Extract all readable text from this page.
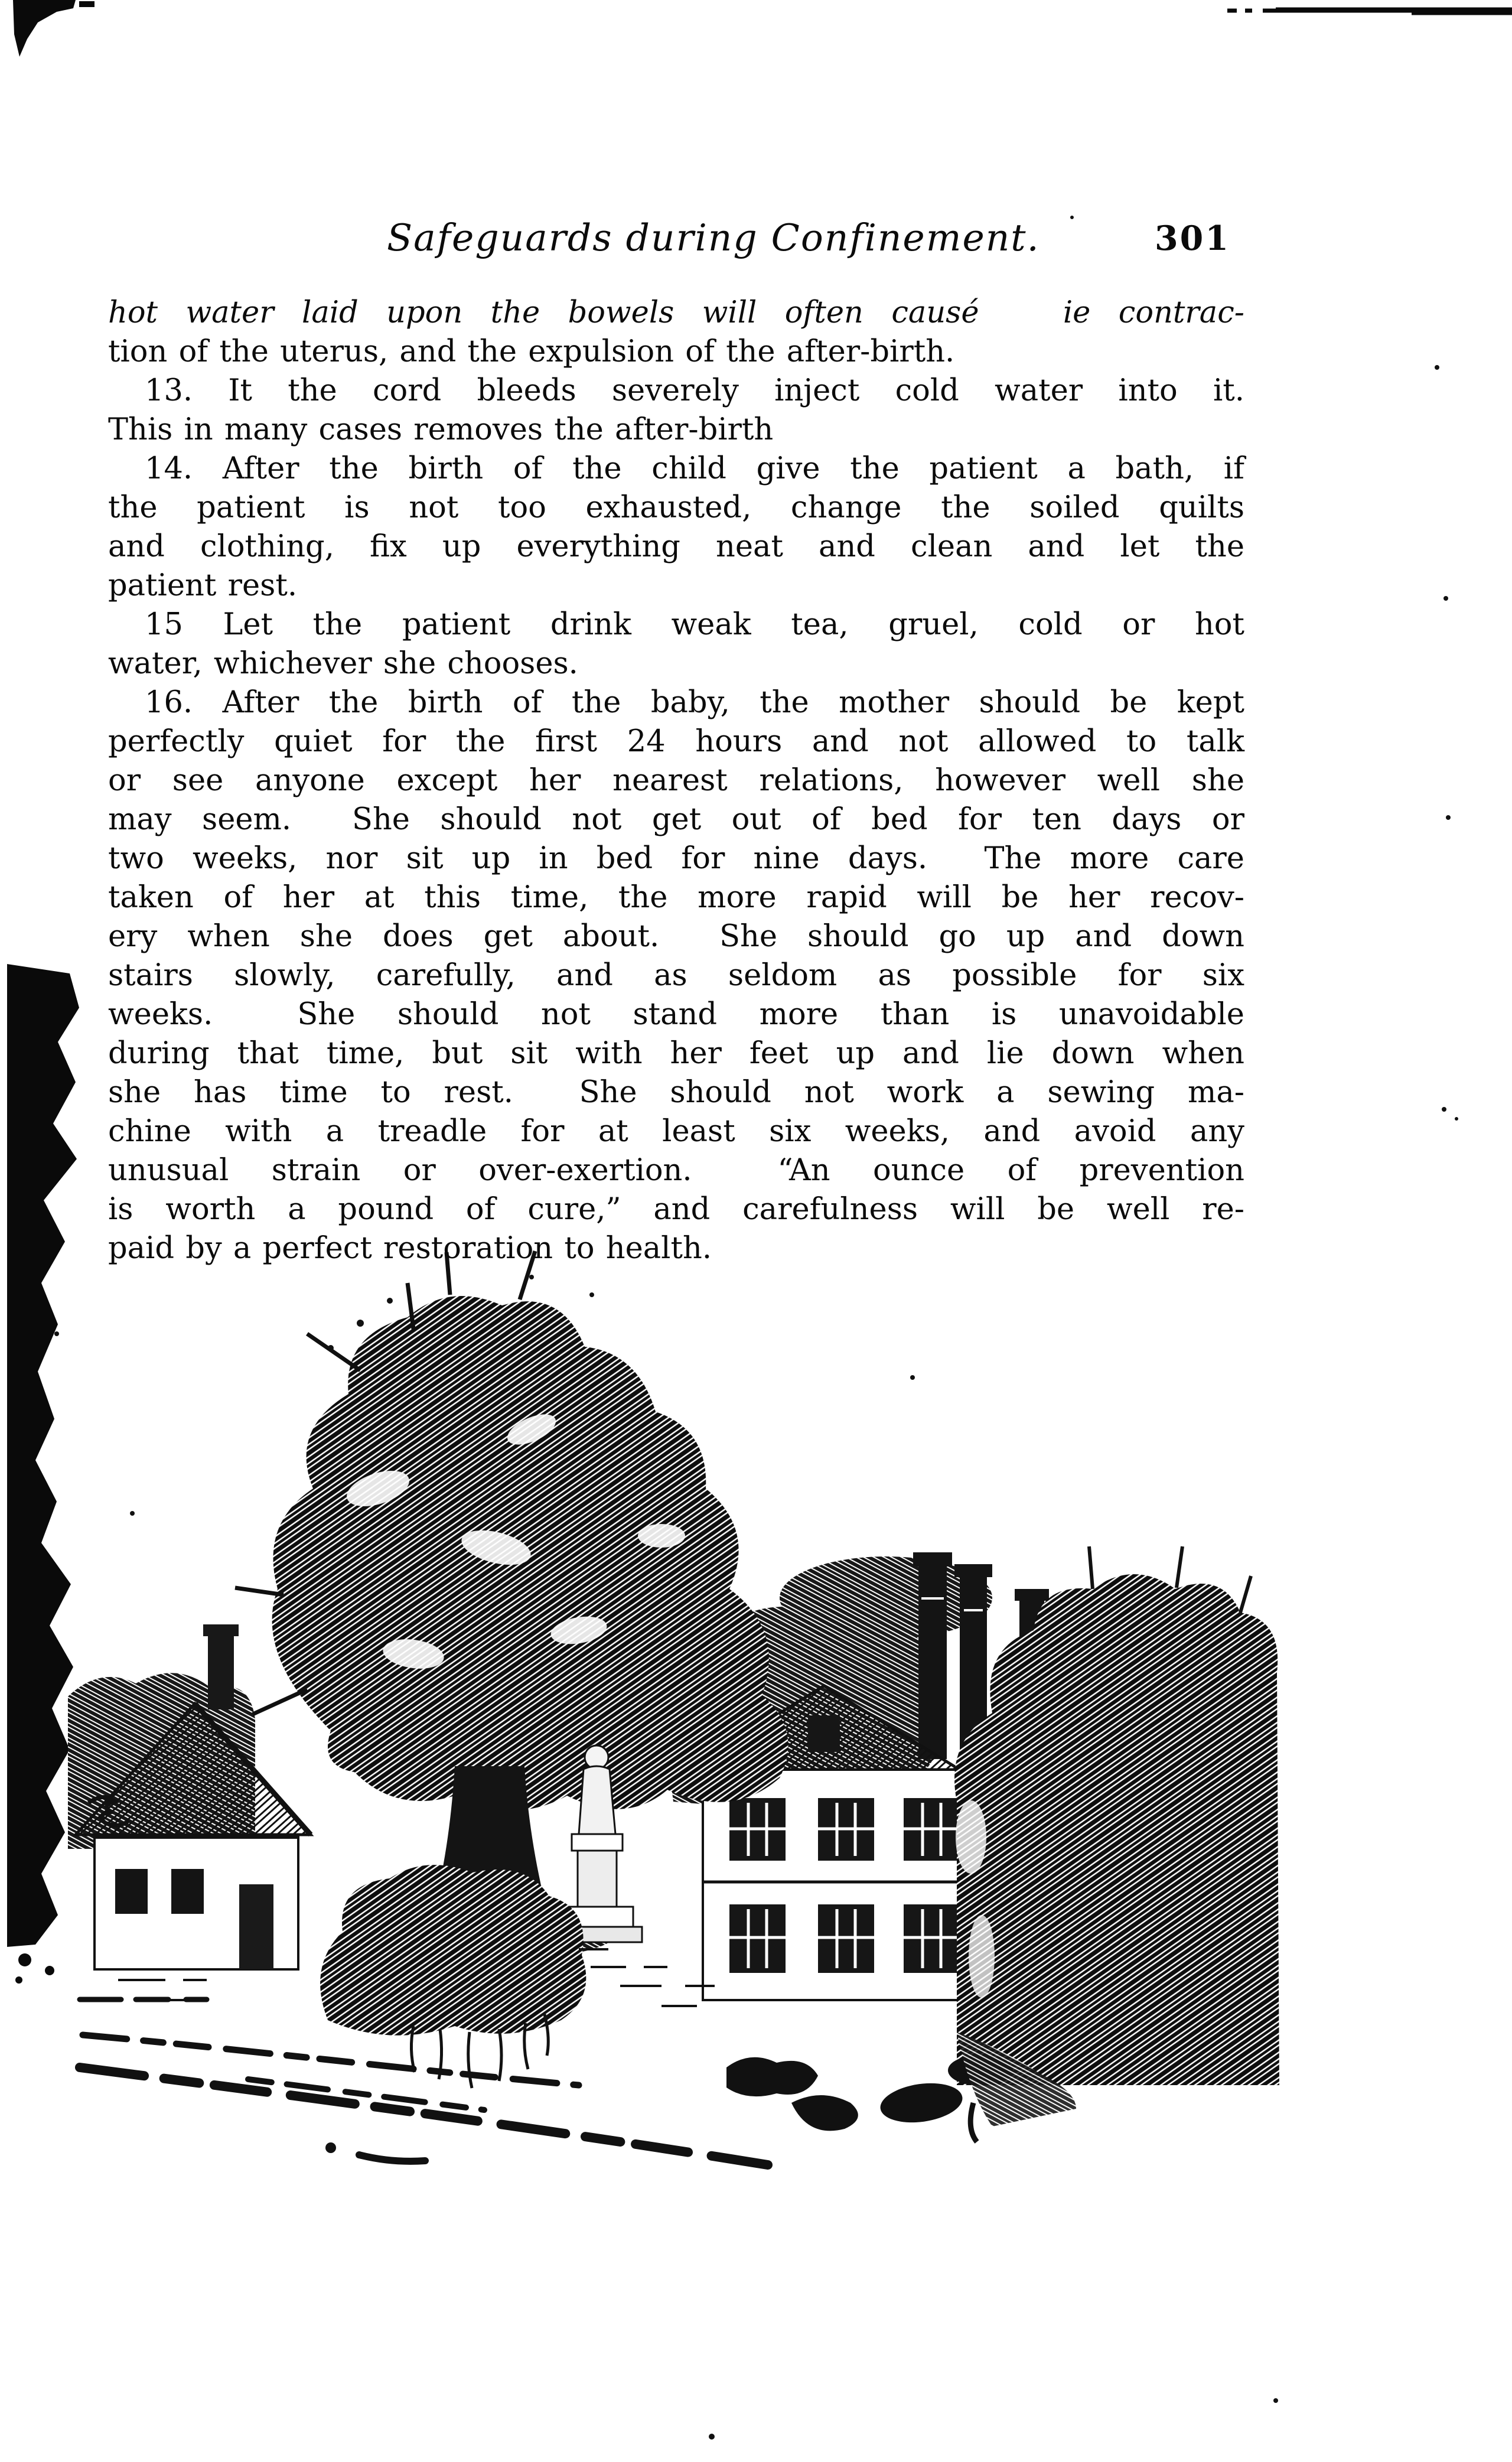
Safeguards during Confinement.	301
hot water laid upon the bowels will often causé   ie contrac-
tion of the uterus, and the expulsion of the after-birth.
13. It the cord bleeds severely inject cold water into it.
This in many cases removes the after-birth
14. After the birth of the child give the patient a bath, if
the patient is not too exhausted, change the soiled quilts
and clothing, fix up everything neat and clean and let the
patient rest.
15 Let the patient drink weak tea, gruel, cold or hot
water, whichever she chooses.
16. After the birth of the baby, the mother should be kept
perfectly quiet for the first 24 hours and not allowed to talk
or see anyone except her nearest relations, however well she
may seem.  She should not get out of bed for ten days or
two weeks, nor sit up in bed for nine days.  The more care
taken of her at this time, the more rapid will be her recov-
ery when she does get about.  She should go up and down
stairs slowly, carefully, and as seldom as possible for six
weeks.  She should not stand more than is unavoidable
during that time, but sit with her feet up and lie down when
she has time to rest.  She should not work a sewing ma-
chine with a treadle for at least six weeks, and avoid any
unusual strain or over-exertion.  “An ounce of prevention
is worth a pound of cure,” and carefulness will be well re-
paid by a perfect restoration to health.
